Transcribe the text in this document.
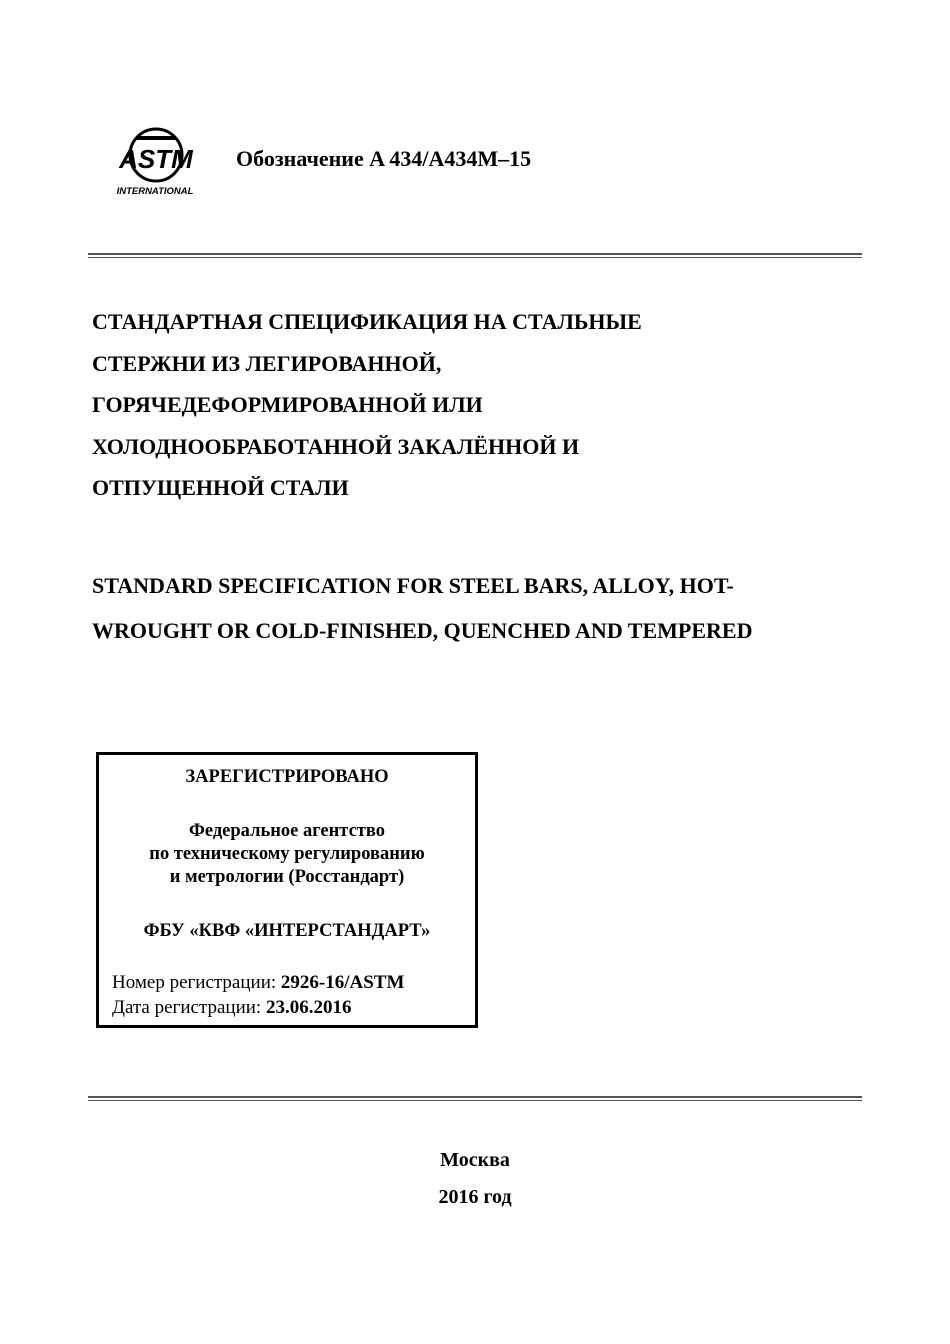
ASTM
INTERNATIONAL
Обозначение A 434/A434M–15
СТАНДАРТНАЯ СПЕЦИФИКАЦИЯ НА СТАЛЬНЫЕ
СТЕРЖНИ ИЗ ЛЕГИРОВАННОЙ,
ГОРЯЧЕДЕФОРМИРОВАННОЙ ИЛИ
ХОЛОДНООБРАБОТАННОЙ ЗАКАЛЁННОЙ И
ОТПУЩЕННОЙ СТАЛИ
STANDARD SPECIFICATION FOR STEEL BARS, ALLOY, HOT-
WROUGHT OR COLD-FINISHED, QUENCHED AND TEMPERED
ЗАРЕГИСТРИРОВАНО
Федеральное агентство
по техническому регулированию
и метрологии (Росстандарт)
ФБУ «КВФ «ИНТЕРСТАНДАРТ»
Номер регистрации: 2926-16/ASTM
Дата регистрации: 23.06.2016
Москва
2016 год
